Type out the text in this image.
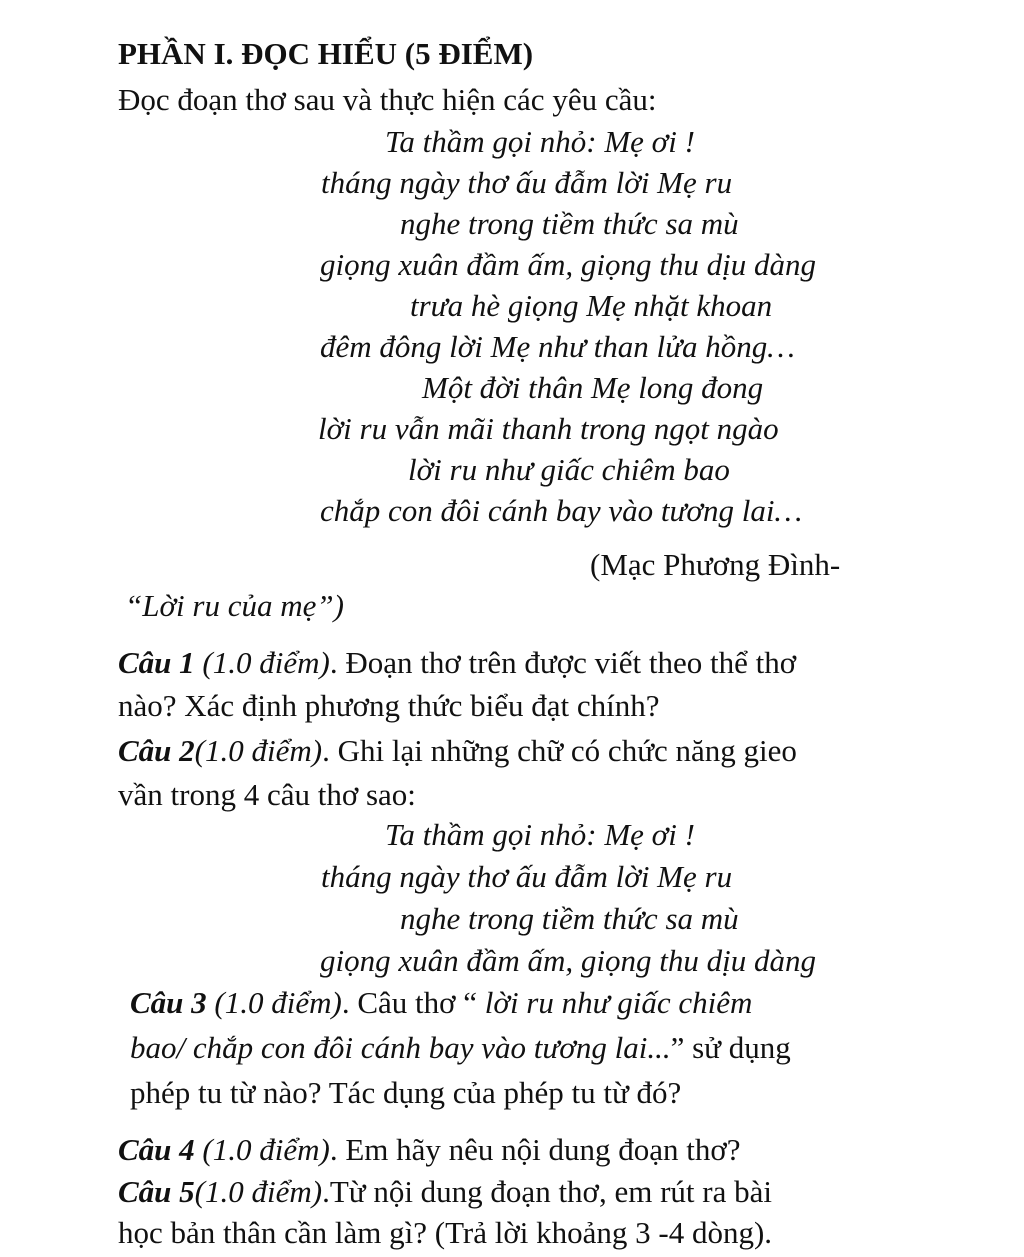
PHẦN I. ĐỌC HIỂU (5 ĐIỂM)
Đọc đoạn thơ sau và thực hiện các yêu cầu:
Ta thầm gọi nhỏ: Mẹ ơi !
tháng ngày thơ ấu đẫm lời Mẹ ru
nghe trong tiềm thức sa mù
giọng xuân đầm ấm, giọng thu dịu dàng
trưa hè giọng Mẹ nhặt khoan
đêm đông lời Mẹ như than lửa hồng…
Một đời thân Mẹ long đong
lời ru vẫn mãi thanh trong ngọt ngào
lời ru như giấc chiêm bao
chắp con đôi cánh bay vào tương lai…
(Mạc Phương Đình-
“Lời ru của mẹ”)
Câu 1 (1.0 điểm). Đoạn thơ trên được viết theo thể thơ
nào? Xác định phương thức biểu đạt chính?
Câu 2(1.0 điểm). Ghi lại những chữ có chức năng gieo
vần trong 4 câu thơ sao:
Ta thầm gọi nhỏ: Mẹ ơi !
tháng ngày thơ ấu đẫm lời Mẹ ru
nghe trong tiềm thức sa mù
giọng xuân đầm ấm, giọng thu dịu dàng
Câu 3 (1.0 điểm). Câu thơ “ lời ru như giấc chiêm
bao/ chắp con đôi cánh bay vào tương lai...” sử dụng
phép tu từ nào? Tác dụng của phép tu từ đó?
Câu 4 (1.0 điểm). Em hãy nêu nội dung đoạn thơ?
Câu 5(1.0 điểm).Từ nội dung đoạn thơ, em rút ra bài
học bản thân cần làm gì? (Trả lời khoảng 3 -4 dòng).
